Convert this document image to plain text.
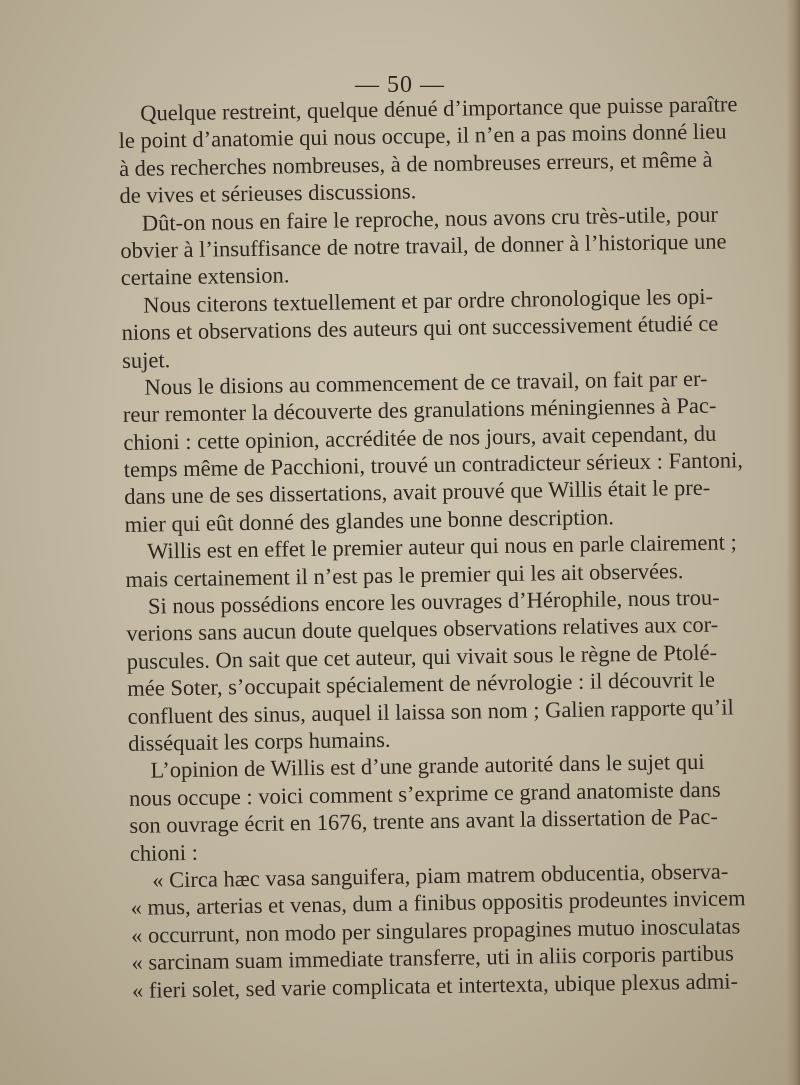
— 50 —
Quelque restreint, quelque dénué d’importance que puisse paraître
le point d’anatomie qui nous occupe, il n’en a pas moins donné lieu
à des recherches nombreuses, à de nombreuses erreurs, et même à
de vives et sérieuses discussions.
Dût-on nous en faire le reproche, nous avons cru très-utile, pour
obvier à l’insuffisance de notre travail, de donner à l’historique une
certaine extension.
Nous citerons textuellement et par ordre chronologique les opi-
nions et observations des auteurs qui ont successivement étudié ce
sujet.
Nous le disions au commencement de ce travail, on fait par er-
reur remonter la découverte des granulations méningiennes à Pac-
chioni : cette opinion, accréditée de nos jours, avait cependant, du
temps même de Pacchioni, trouvé un contradicteur sérieux : Fantoni,
dans une de ses dissertations, avait prouvé que Willis était le pre-
mier qui eût donné des glandes une bonne description.
Willis est en effet le premier auteur qui nous en parle clairement ;
mais certainement il n’est pas le premier qui les ait observées.
Si nous possédions encore les ouvrages d’Hérophile, nous trou-
verions sans aucun doute quelques observations relatives aux cor-
puscules. On sait que cet auteur, qui vivait sous le règne de Ptolé-
mée Soter, s’occupait spécialement de névrologie : il découvrit le
confluent des sinus, auquel il laissa son nom ; Galien rapporte qu’il
disséquait les corps humains.
L’opinion de Willis est d’une grande autorité dans le sujet qui
nous occupe : voici comment s’exprime ce grand anatomiste dans
son ouvrage écrit en 1676, trente ans avant la dissertation de Pac-
chioni :
« Circa hæc vasa sanguifera, piam matrem obducentia, observa-
« mus, arterias et venas, dum a finibus oppositis prodeuntes invicem
« occurrunt, non modo per singulares propagines mutuo inosculatas
« sarcinam suam immediate transferre, uti in aliis corporis partibus
« fieri solet, sed varie complicata et intertexta, ubique plexus admi-
